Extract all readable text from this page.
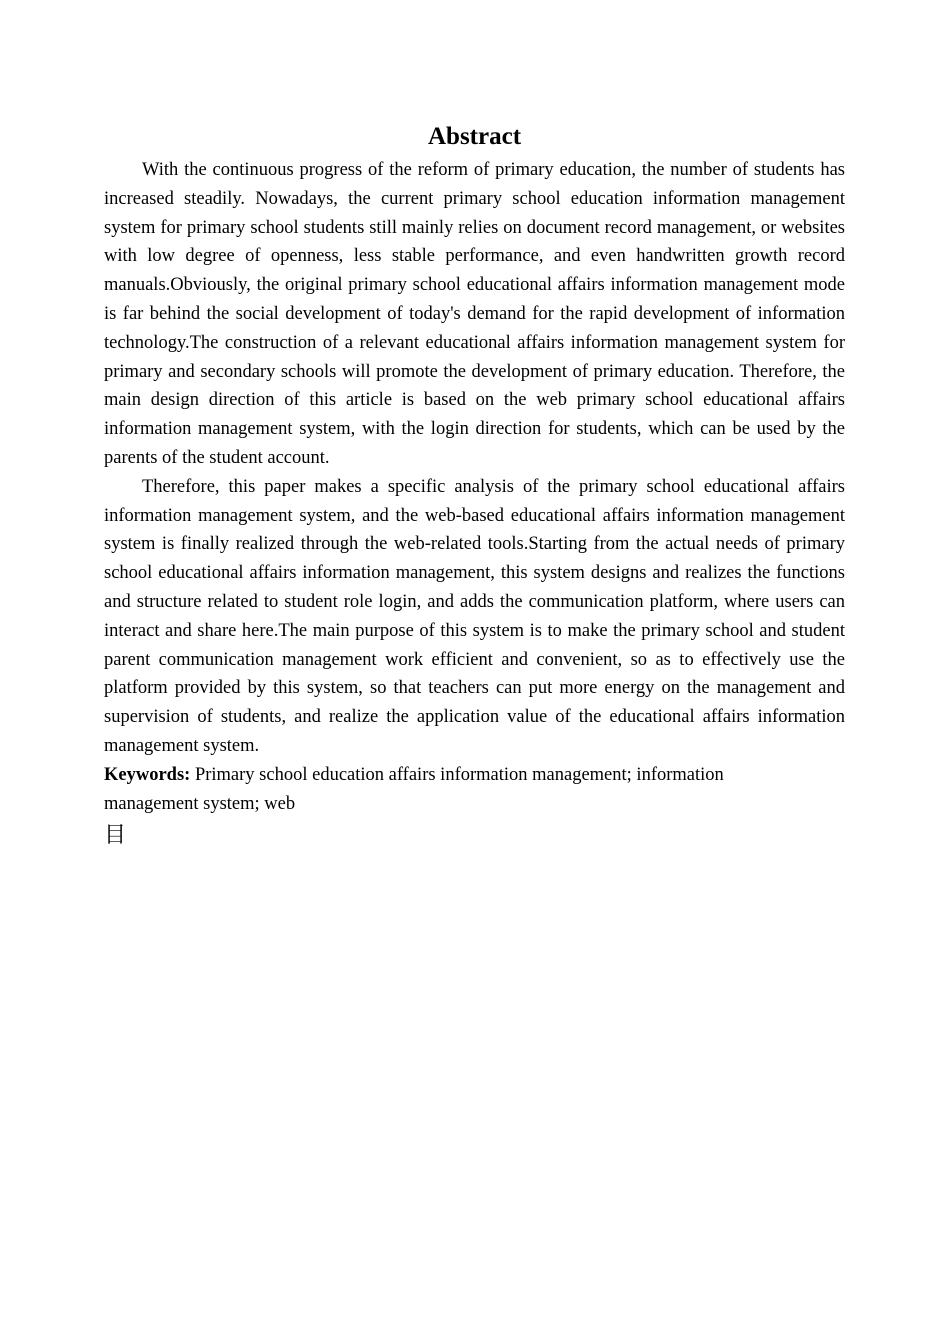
Abstract

With the continuous progress of the reform of primary education, the number of students has increased steadily. Nowadays, the current primary school education information management system for primary school students still mainly relies on document record management, or websites with low degree of openness, less stable performance, and even handwritten growth record manuals.Obviously, the original primary school educational affairs information management mode is far behind the social development of today's demand for the rapid development of information technology.The construction of a relevant educational affairs information management system for primary and secondary schools will promote the development of primary education. Therefore, the main design direction of this article is based on the web primary school educational affairs information management system, with the login direction for students, which can be used by the parents of the student account.

Therefore, this paper makes a specific analysis of the primary school educational affairs information management system, and the web-based educational affairs information management system is finally realized through the web-related tools.Starting from the actual needs of primary school educational affairs information management, this system designs and realizes the functions and structure related to student role login, and adds the communication platform, where users can interact and share here.The main purpose of this system is to make the primary school and student parent communication management work efficient and convenient, so as to effectively use the platform provided by this system, so that teachers can put more energy on the management and supervision of students, and realize the application value of the educational affairs information management system.

Keywords: Primary school education affairs information management; information management system; web

目
